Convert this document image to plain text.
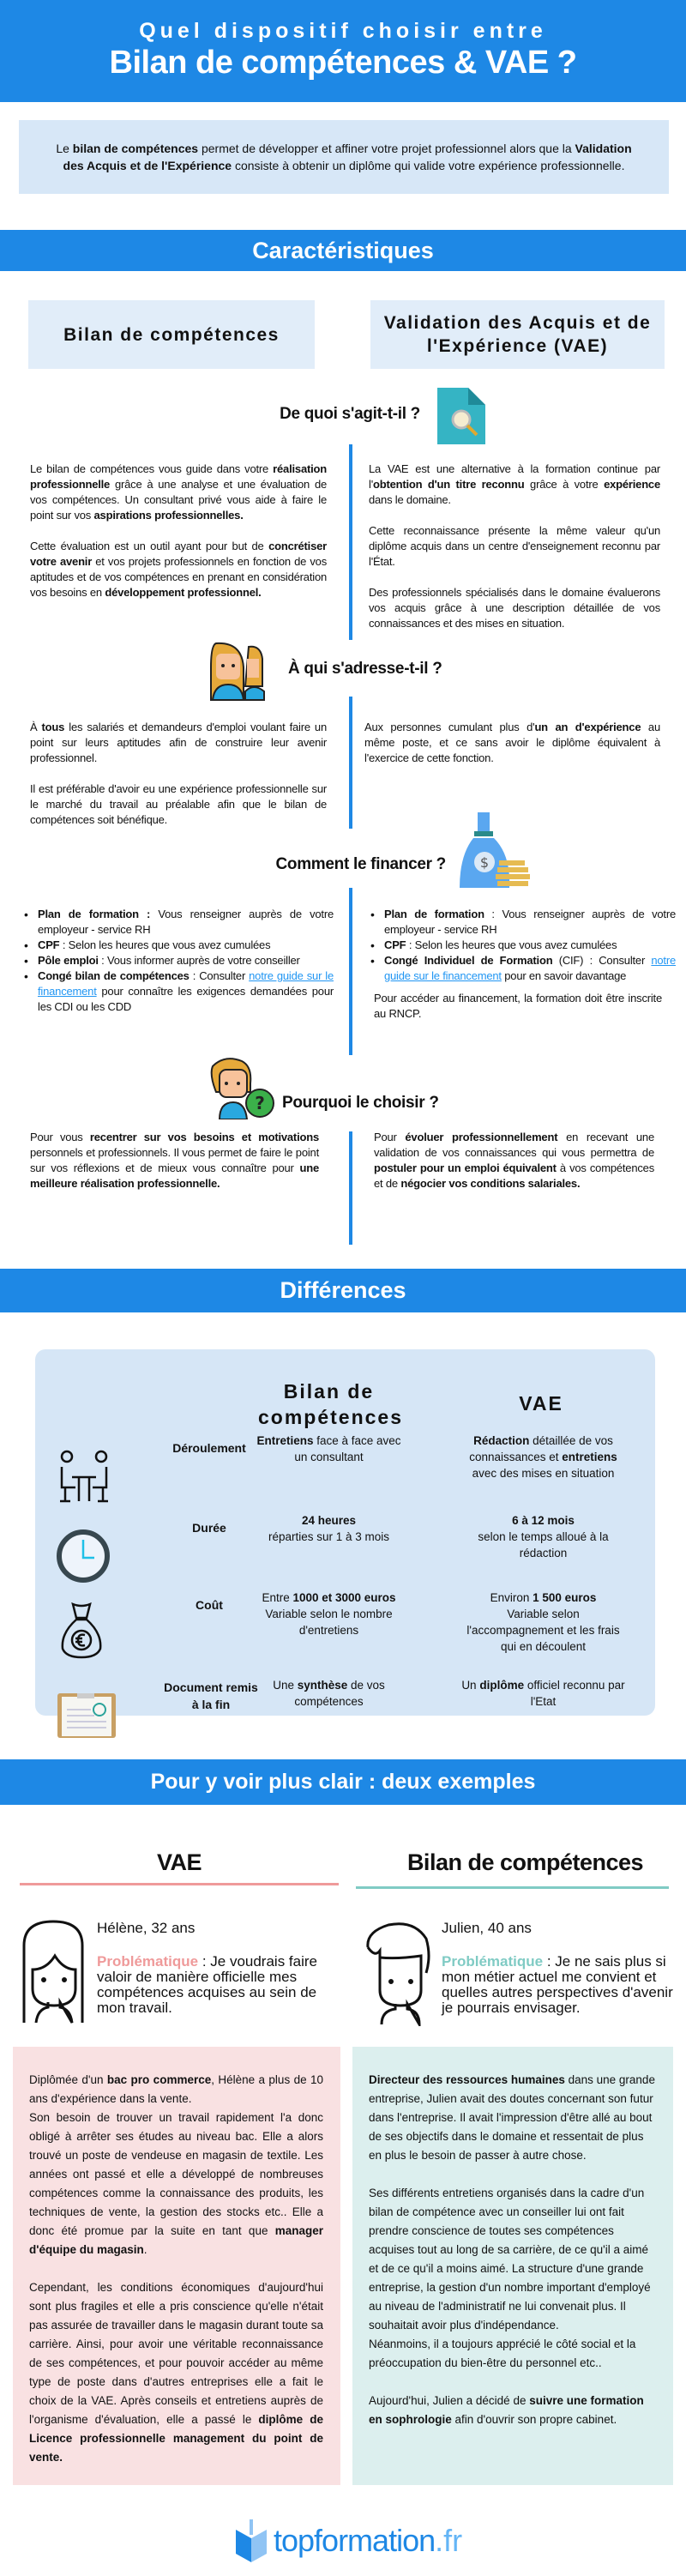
Quel dispositif choisir entre
Bilan de compétences & VAE ?
Le bilan de compétences permet de développer et affiner votre projet professionnel alors que la Validation des Acquis et de l'Expérience consiste à obtenir un diplôme qui valide votre expérience professionnelle.
Caractéristiques
Bilan de compétences
Validation des Acquis et de l'Expérience (VAE)
De quoi s'agit-t-il ?

Le bilan de compétences vous guide dans votre réalisation professionnelle grâce à une analyse et une évaluation de vos compétences. Un consultant privé vous aide à faire le point sur vos aspirations professionnelles.

Cette évaluation est un outil ayant pour but de concrétiser votre avenir et vos projets professionnels en fonction de vos aptitudes et de vos compétences en prenant en considération vos besoins en développement professionnel.

La VAE est une alternative à la formation continue par l'obtention d'un titre reconnu grâce à votre expérience dans le domaine.

Cette reconnaissance présente la même valeur qu'un diplôme acquis dans un centre d'enseignement reconnu par l'État.

Des professionnels spécialisés dans le domaine évaluerons vos acquis grâce à une description détaillée de vos connaissances et des mises en situation.

À qui s'adresse-t-il ?

À tous les salariés et demandeurs d'emploi voulant faire un point sur leurs aptitudes afin de construire leur avenir professionnel.

Il est préférable d'avoir eu une expérience professionnelle sur le marché du travail au préalable afin que le bilan de compétences soit bénéfique.

Aux personnes cumulant plus d'un an d'expérience au même poste, et ce sans avoir le diplôme équivalent à l'exercice de cette fonction.

Comment le financer ? $
• Plan de formation : Vous renseigner auprès de votre employeur - service RH
• CPF : Selon les heures que vous avez cumulées
• Pôle emploi : Vous informer auprès de votre conseiller
• Congé bilan de compétences : Consulter notre guide sur le financement pour connaître les exigences demandées pour les CDI ou les CDD
• Plan de formation : Vous renseigner auprès de votre employeur - service RH
• CPF : Selon les heures que vous avez cumulées
• Congé Individuel de Formation (CIF) : Consulter notre guide sur le financement pour en savoir davantage
Pour accéder au financement, la formation doit être inscrite au RNCP.
? Pourquoi le choisir ?

Pour vous recentrer sur vos besoins et motivations personnels et professionnels. Il vous permet de faire le point sur vos réflexions et de mieux vous connaître pour une meilleure réalisation professionnelle.

Pour évoluer professionnellement en recevant une validation de vos connaissances qui vous permettra de postuler pour un emploi équivalent à vos compétences et de négocier vos conditions salariales.

Différences
Bilan de compétences
VAE
Déroulement
Entretiens face à face avec un consultant
Rédaction détaillée de vos connaissances et entretiens avec des mises en situation
Durée
24 heures
réparties sur 1 à 3 mois
6 à 12 mois
selon le temps alloué à la rédaction
Coût
Entre 1000 et 3000 euros
Variable selon le nombre d'entretiens
Environ 1 500 euros
Variable selon l'accompagnement et les frais qui en découlent
Document remis à la fin
Une synthèse de vos compétences
Un diplôme officiel reconnu par l'Etat
Pour y voir plus clair : deux exemples
VAE	Bilan de compétences
Hélène, 32 ans
Problématique : Je voudrais faire valoir de manière officielle mes compétences acquises au sein de mon travail.
Julien, 40 ans
Problématique : Je ne sais plus si mon métier actuel me convient et quelles autres perspectives d'avenir je pourrais envisager.

Diplômée d'un bac pro commerce, Hélène a plus de 10 ans d'expérience dans la vente.
Son besoin de trouver un travail rapidement l'a donc obligé à arrêter ses études au niveau bac. Elle a alors trouvé un poste de vendeuse en magasin de textile. Les années ont passé et elle a développé de nombreuses compétences comme la connaissance des produits, les techniques de vente, la gestion des stocks etc.. Elle a donc été promue par la suite en tant que manager d'équipe du magasin.

Cependant, les conditions économiques d'aujourd'hui sont plus fragiles et elle a pris conscience qu'elle n'était pas assurée de travailler dans le magasin durant toute sa carrière. Ainsi, pour avoir une véritable reconnaissance de ses compétences, et pour pouvoir accéder au même type de poste dans d'autres entreprises elle a fait le choix de la VAE. Après conseils et entretiens auprès de l'organisme d'évaluation, elle a passé le diplôme de Licence professionnelle management du point de vente.

Directeur des ressources humaines dans une grande entreprise, Julien avait des doutes concernant son futur dans l'entreprise. Il avait l'impression d'être allé au bout de ses objectifs dans le domaine et ressentait de plus en plus le besoin de passer à autre chose.

Ses différents entretiens organisés dans la cadre d'un bilan de compétence avec un conseiller lui ont fait prendre conscience de toutes ses compétences acquises tout au long de sa carrière, de ce qu'il a aimé et de ce qu'il a moins aimé. La structure d'une grande entreprise, la gestion d'un nombre important d'employé au niveau de l'administratif ne lui convenait plus. Il souhaitait avoir plus d'indépendance.
Néanmoins, il a toujours apprécié le côté social et la préoccupation du bien-être du personnel etc..

Aujourd'hui, Julien a décidé de suivre une formation en sophrologie afin d'ouvrir son propre cabinet.

topformation .fr
